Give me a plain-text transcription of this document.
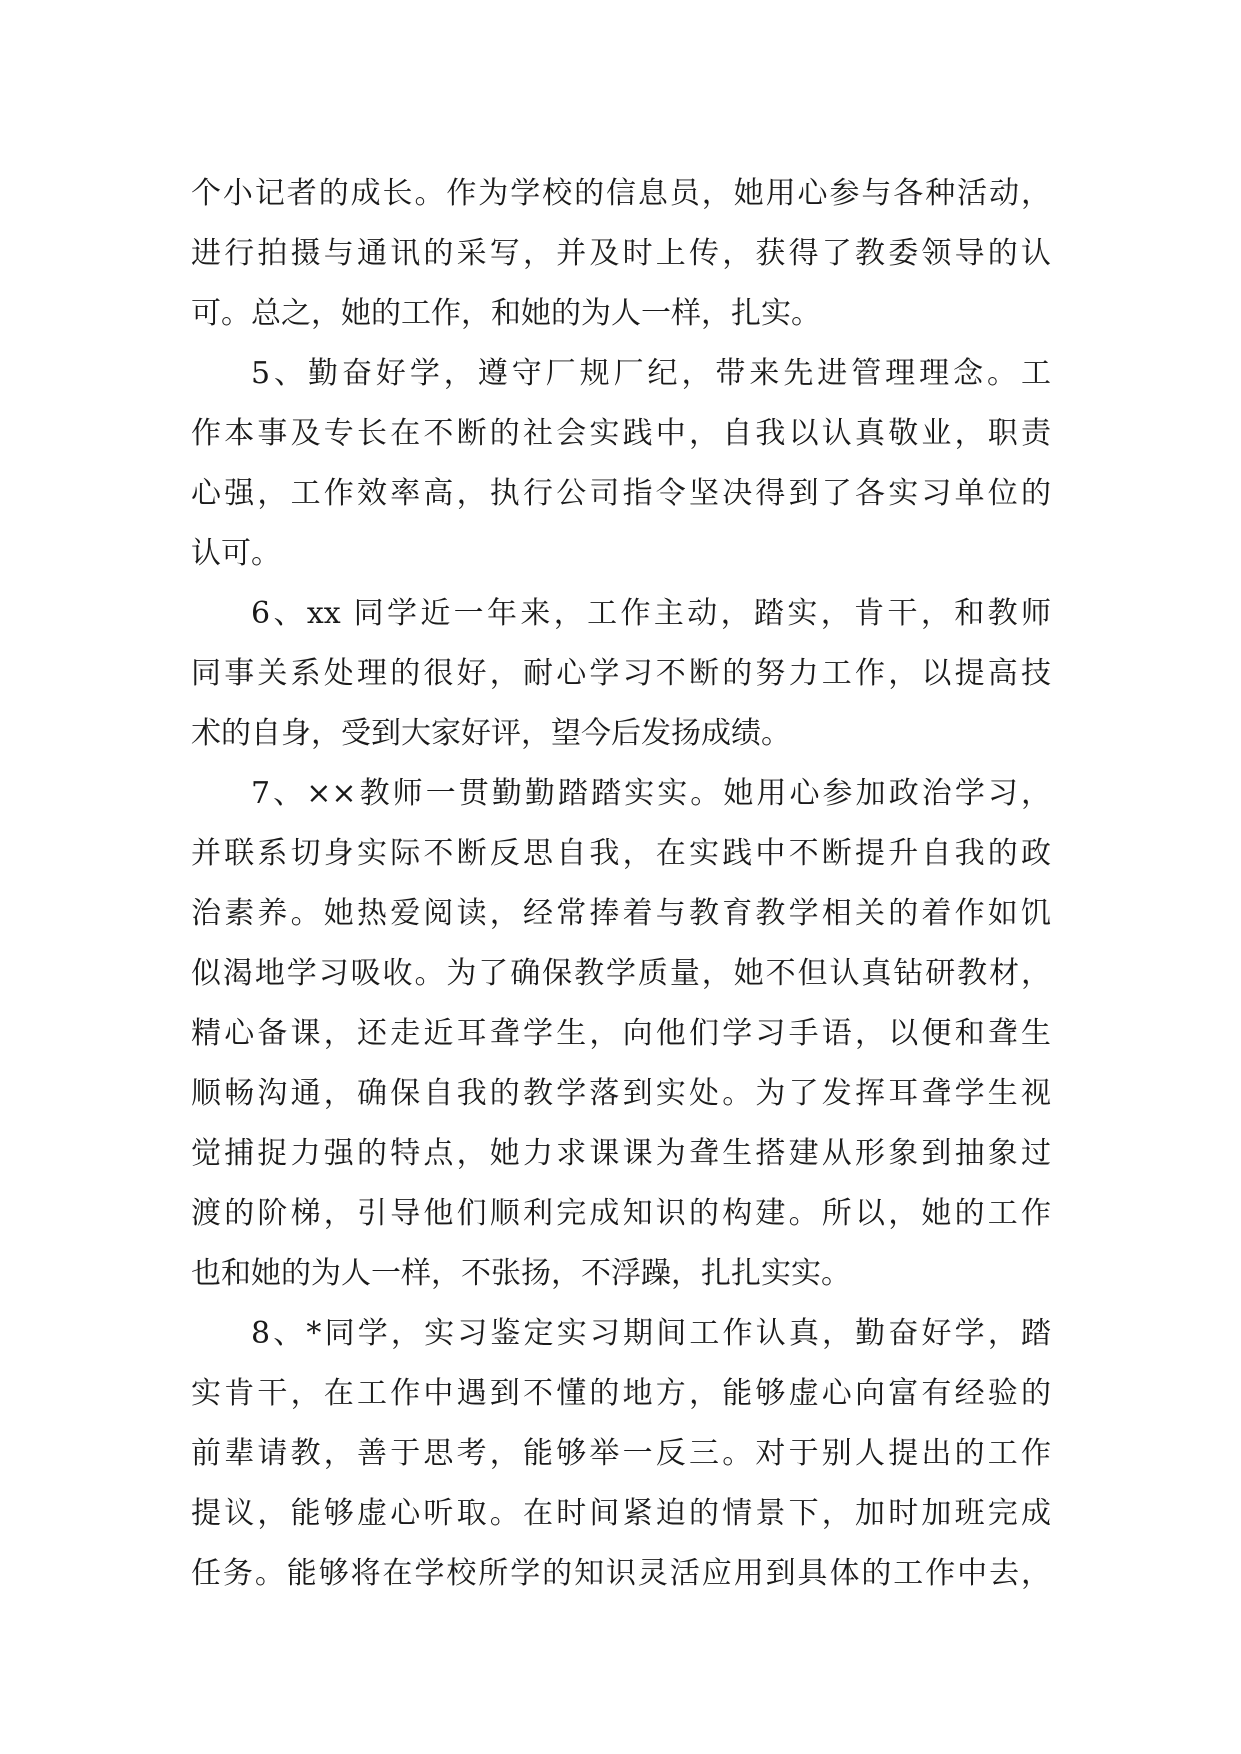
个小记者的成长。作为学校的信息员，她用心参与各种活动，
进行拍摄与通讯的采写，并及时上传，获得了教委领导的认
可。总之，她的工作，和她的为人一样，扎实。
5、勤奋好学，遵守厂规厂纪，带来先进管理理念。工
作本事及专长在不断的社会实践中，自我以认真敬业，职责
心强，工作效率高，执行公司指令坚决得到了各实习单位的
认可。
6、xx 同学近一年来，工作主动，踏实，肯干，和教师
同事关系处理的很好，耐心学习不断的努力工作，以提高技
术的自身，受到大家好评，望今后发扬成绩。
7、××教师一贯勤勤踏踏实实。她用心参加政治学习，
并联系切身实际不断反思自我，在实践中不断提升自我的政
治素养。她热爱阅读，经常捧着与教育教学相关的着作如饥
似渴地学习吸收。为了确保教学质量，她不但认真钻研教材，
精心备课，还走近耳聋学生，向他们学习手语，以便和聋生
顺畅沟通，确保自我的教学落到实处。为了发挥耳聋学生视
觉捕捉力强的特点，她力求课课为聋生搭建从形象到抽象过
渡的阶梯，引导他们顺利完成知识的构建。所以，她的工作
也和她的为人一样，不张扬，不浮躁，扎扎实实。
8、*同学，实习鉴定实习期间工作认真，勤奋好学，踏
实肯干，在工作中遇到不懂的地方，能够虚心向富有经验的
前辈请教，善于思考，能够举一反三。对于别人提出的工作
提议，能够虚心听取。在时间紧迫的情景下，加时加班完成
任务。能够将在学校所学的知识灵活应用到具体的工作中去，
